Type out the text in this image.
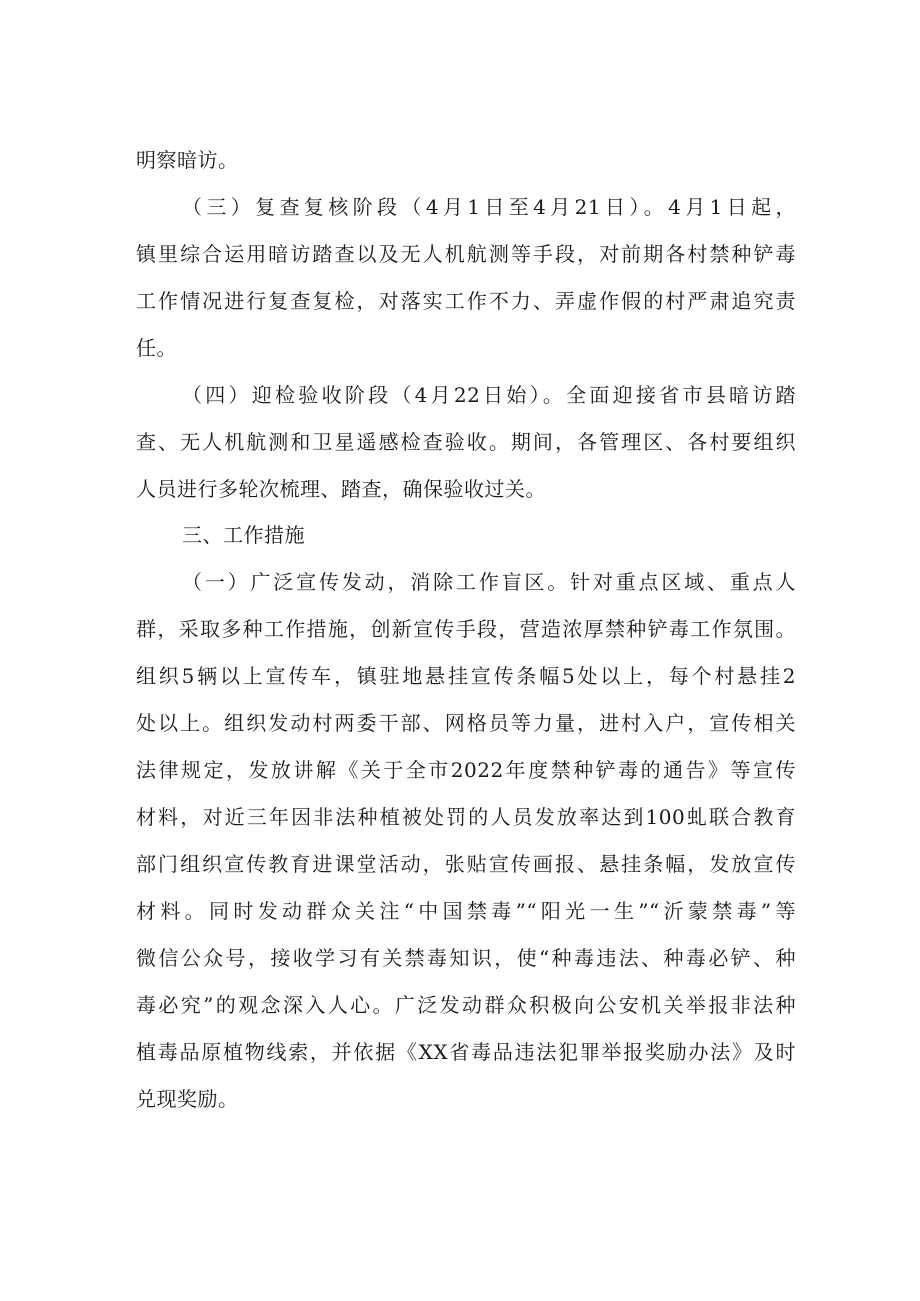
明察暗访。
（三）复查复核阶段（4月1日至4月21日）。4月1日起，
镇里综合运用暗访踏查以及无人机航测等手段，对前期各村禁种铲毒
工作情况进行复查复检，对落实工作不力、弄虚作假的村严肃追究责
任。
（四）迎检验收阶段（4月22日始）。全面迎接省市县暗访踏
查、无人机航测和卫星遥感检查验收。期间，各管理区、各村要组织
人员进行多轮次梳理、踏查，确保验收过关。
三、工作措施
（一）广泛宣传发动，消除工作盲区。针对重点区域、重点人
群，采取多种工作措施，创新宣传手段，营造浓厚禁种铲毒工作氛围。
组织5辆以上宣传车，镇驻地悬挂宣传条幅5处以上，每个村悬挂2
处以上。组织发动村两委干部、网格员等力量，进村入户，宣传相关
法律规定，发放讲解《关于全市2022年度禁种铲毒的通告》等宣传
材料，对近三年因非法种植被处罚的人员发放率达到100虬联合教育
部门组织宣传教育进课堂活动，张贴宣传画报、悬挂条幅，发放宣传
材料。同时发动群众关注“中国禁毒”“阳光一生”“沂蒙禁毒”等
微信公众号，接收学习有关禁毒知识，使“种毒违法、种毒必铲、种
毒必究”的观念深入人心。广泛发动群众积极向公安机关举报非法种
植毒品原植物线索，并依据《XX省毒品违法犯罪举报奖励办法》及时
兑现奖励。
